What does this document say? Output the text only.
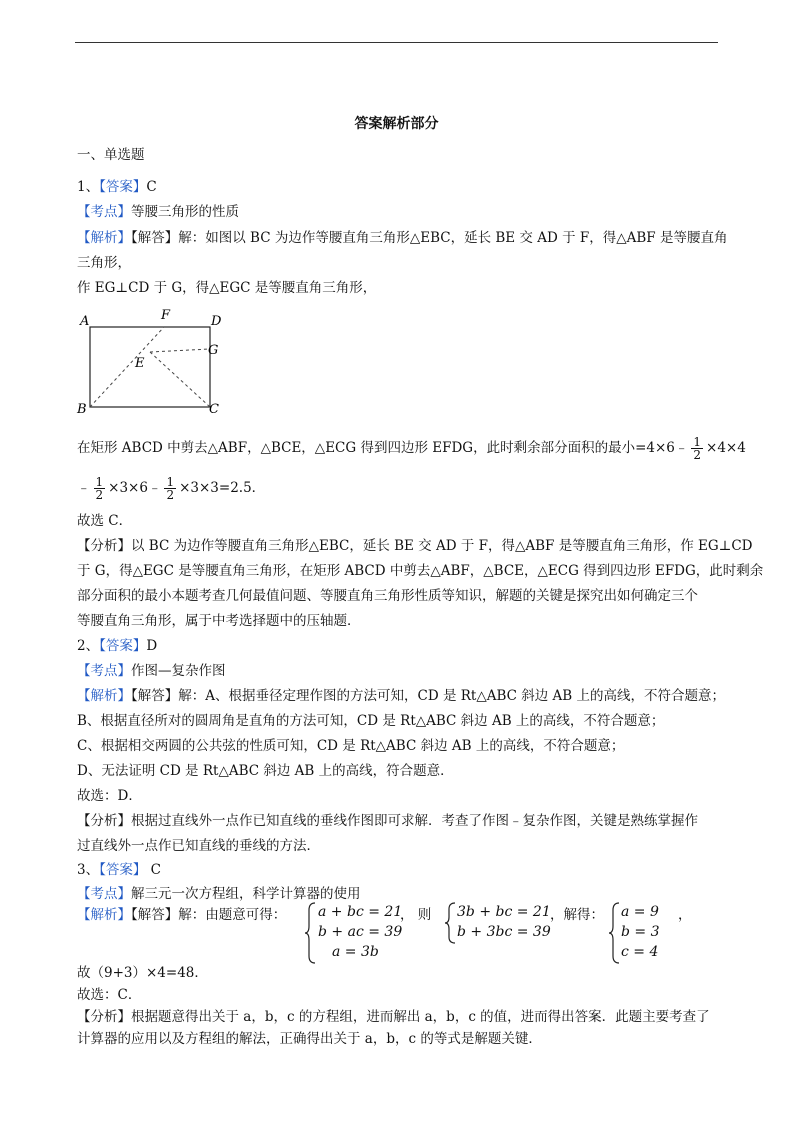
答案解析部分
一、单选题
1、【答案】C
【考点】等腰三角形的性质
【解析】【解答】解：如图以 BC 为边作等腰直角三角形△EBC，延长 BE 交 AD 于 F，得△ABF 是等腰直角
三角形，
作 EG⊥CD 于 G，得△EGC 是等腰直角三角形，
A	F	D
G
E
B	C
在矩形 ABCD 中剪去△ABF，△BCE，△ECG 得到四边形 EFDG，此时剩余部分面积的最小=4×6﹣ $\frac{1}{2} \times 4\times 4$
﹣ $\frac{1}{2}$ ×3×6﹣ $\frac{1}{2} \times 3\times 3=2.5$．
故选 C．
【分析】以 BC 为边作等腰直角三角形△EBC，延长 BE 交 AD 于 F，得△ABF 是等腰直角三角形，作 EG⊥CD
于 G，得△EGC 是等腰直角三角形，在矩形 ABCD 中剪去△ABF，△BCE，△ECG 得到四边形 EFDG，此时剩余
部分面积的最小本题考查几何最值问题、等腰直角三角形性质等知识，解题的关键是探究出如何确定三个
等腰直角三角形，属于中考选择题中的压轴题．
2、【答案】D
【考点】作图—复杂作图
【解析】【解答】解：A、根据垂径定理作图的方法可知，CD 是 Rt△ABC 斜边 AB 上的高线，不符合题意；
B、根据直径所对的圆周角是直角的方法可知，CD 是 Rt△ABC 斜边 AB 上的高线，不符合题意；
C、根据相交两圆的公共弦的性质可知，CD 是 Rt△ABC 斜边 AB 上的高线，不符合题意；
D、无法证明 CD 是 Rt△ABC 斜边 AB 上的高线，符合题意．
故选：D．
【分析】根据过直线外一点作已知直线的垂线作图即可求解．考查了作图﹣复杂作图，关键是熟练掌握作
过直线外一点作已知直线的垂线的方法．
3、【答案】 C
【考点】解三元一次方程组，科学计算器的使用
【解析】【解答】解：由题意可得： a + bc = 21
b + ac = 39
a = 3b
， 则 3b + bc = 21
b + 3bc = 39
，解得： a = 9
b = 3
c = 4
，
故（9+3）×4=48．
故选：C．
【分析】根据题意得出关于 a，b，c 的方程组，进而解出 a，b，c 的值，进而得出答案．此题主要考查了
计算器的应用以及方程组的解法，正确得出关于 a，b，c 的等式是解题关键．
